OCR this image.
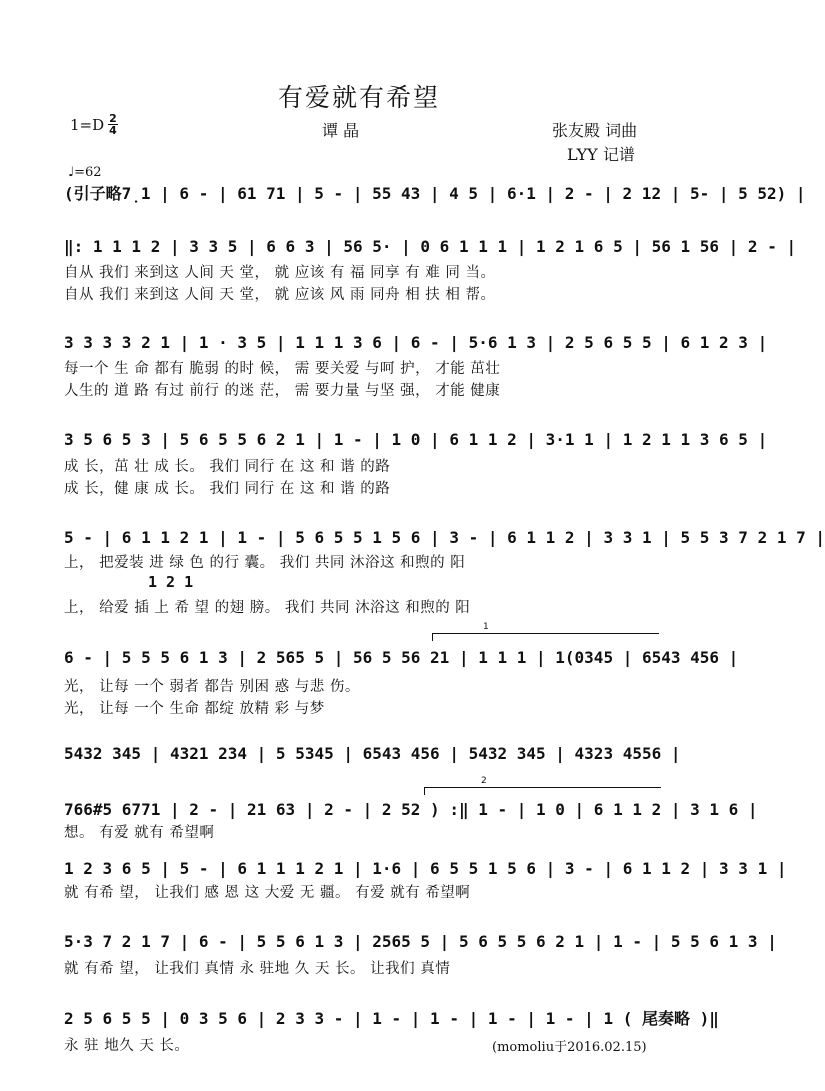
有爱就有希望
1=D 2
4	谭 晶	张友殿 词曲
LYY 记谱
♩=62
(引子略7̣1 | 6 - | 61 71 | 5 - | 55 43 | 4 5 | 6·1 | 2 - | 2 12 | 5- | 5 52) |
‖: 1 1 1 2 | 3 3 5 | 6 6 3 | 56 5· | 0 6 1 1 1 | 1 2 1 6 5 | 56 1 56 | 2 - |
自从 我们 来到这 人间 天 堂， 就 应该 有 福 同享 有 难 同 当。
自从 我们 来到这 人间 天 堂， 就 应该 风 雨 同舟 相 扶 相 帮。
3 3 3 3 2 1 | 1 · 3 5 | 1 1 1 3 6 | 6 - | 5·6 1 3 | 2 5 6 5 5 | 6 1 2 3 |
每一个 生 命 都有 脆弱 的时 候， 需 要关爱 与呵 护， 才能 茁壮
人生的 道 路 有过 前行 的迷 茫， 需 要力量 与坚 强， 才能 健康
3 5 6 5 3 | 5 6 5 5 6 2 1 | 1 - | 1 0 | 6 1 1 2 | 3·1 1 | 1 2 1 1 3 6 5 |
成 长，茁 壮 成 长。 我们 同行 在 这 和 谐 的路
成 长，健 康 成 长。 我们 同行 在 这 和 谐 的路
5 - | 6 1 1 2 1 | 1 - | 5 6 5 5 1 5 6 | 3 - | 6 1 1 2 | 3 3 1 | 5 5 3 7 2 1 7 |
上， 把爱装 进 绿 色 的行 囊。 我们 共同 沐浴这 和煦的 阳
1 2 1
上， 给爱 插 上 希 望 的翅 膀。 我们 共同 沐浴这 和煦的 阳
1
6 - | 5 5 5 6 1 3 | 2 565 5 | 56 5 56 21 | 1 1 1 | 1(0345 | 6543 456 |
光， 让每 一个 弱者 都告 别困 惑 与悲 伤。
光， 让每 一个 生命 都绽 放精 彩 与梦
5432 345 | 4321 234 | 5 5345 | 6543 456 | 5432 345 | 4323 4556 |
2
766#5 6771 | 2 - | 21 63 | 2 - | 2 52 ) :‖ 1 - | 1 0 | 6 1 1 2 | 3 1 6 |
想。 有爱 就有 希望啊
1 2 3 6 5 | 5 - | 6 1 1 1 2 1 | 1·6 | 6 5 5 1 5 6 | 3 - | 6 1 1 2 | 3 3 1 |
就 有希 望， 让我们 感 恩 这 大爱 无 疆。 有爱 就有 希望啊
5·3 7 2 1 7 | 6 - | 5 5 6 1 3 | 2565 5 | 5 6 5 5 6 2 1 | 1 - | 5 5 6 1 3 |
就 有希 望， 让我们 真情 永 驻地 久 天 长。 让我们 真情
2 5 6 5 5 | 0 3 5 6 | 2 3 3 - | 1 - | 1 - | 1 - | 1 - | 1 ( 尾奏略 )‖
永 驻 地久 天 长。	(momoliu于2016.02.15)
